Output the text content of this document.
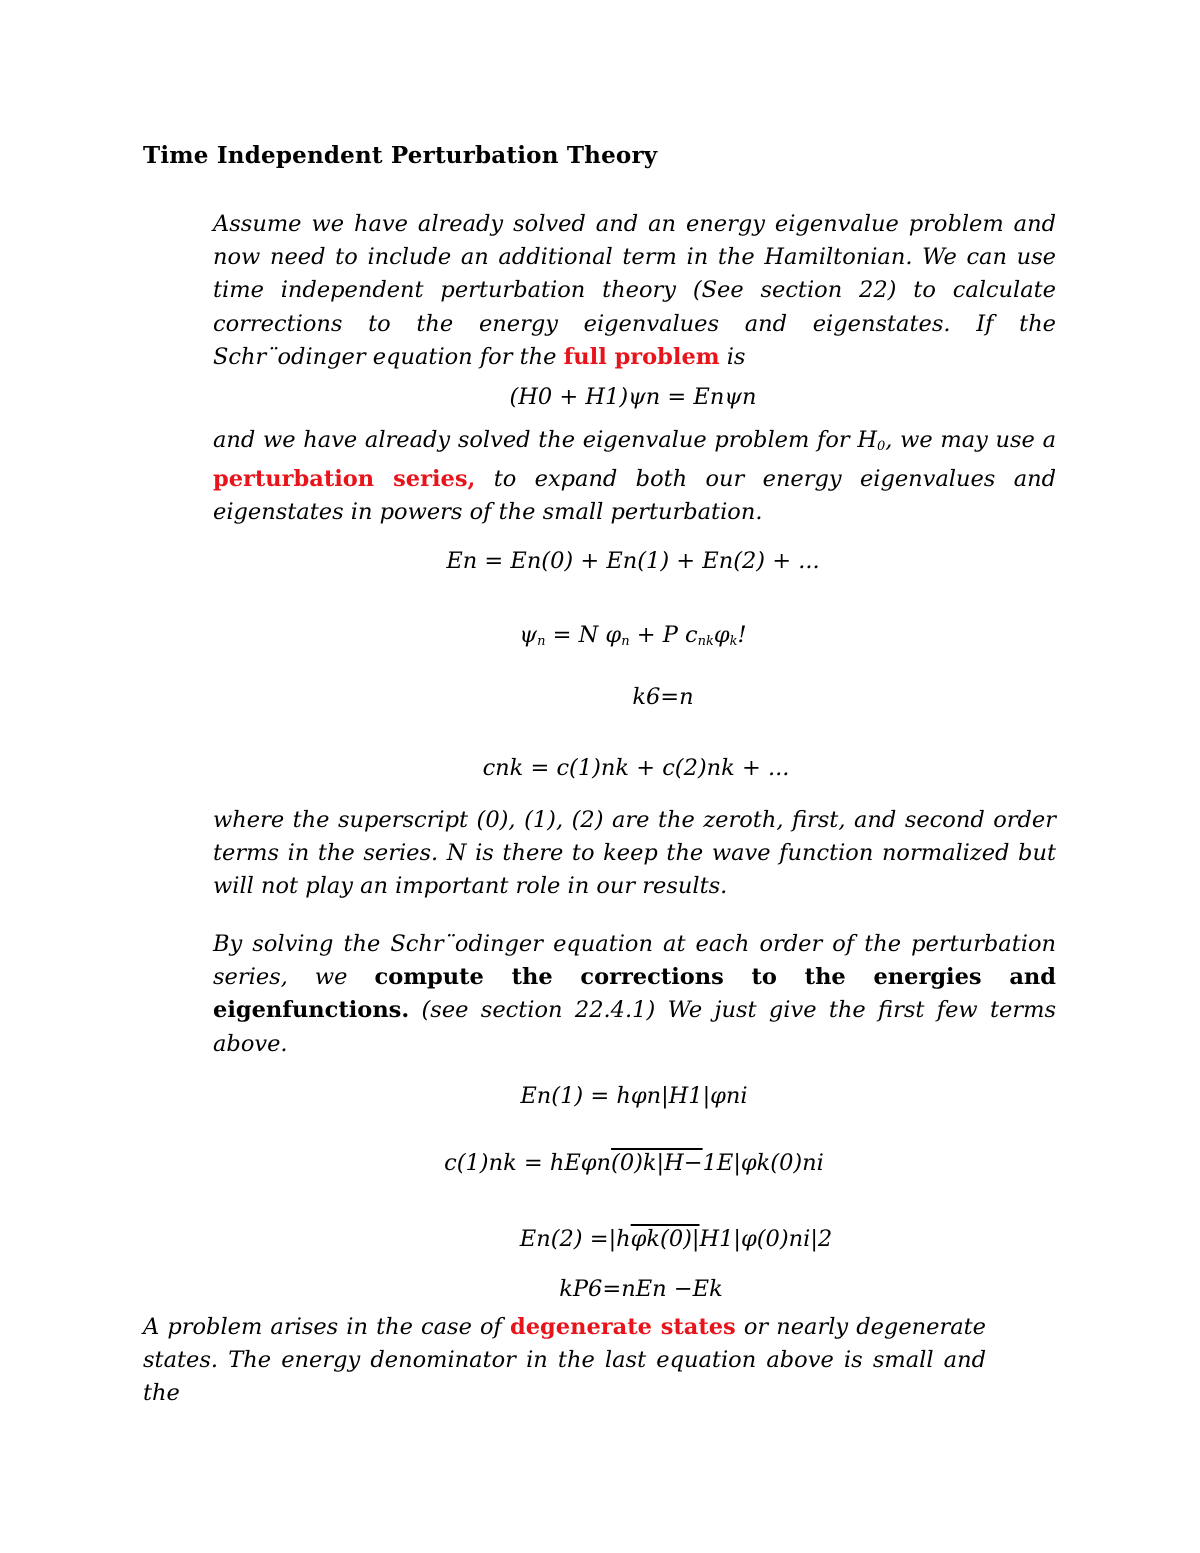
Time Independent Perturbation Theory
Assume we have already solved and an energy eigenvalue problem and now need to include an additional term in the Hamiltonian. We can use time independent perturbation theory (See section 22) to calculate corrections to the energy eigenvalues and eigenstates. If the Schr¨odinger equation for the full problem is
(H0 + H1)ψn = Enψn
and we have already solved the eigenvalue problem for $H_0$, we may use a perturbation series, to expand both our energy eigenvalues and eigenstates in powers of the small perturbation.
En = En(0) + En(1) + En(2) + ...
$\psi_n = N$ $\varphi_n + P$ $c_{nk}\varphi_k$!
k6=n
cnk = c(1)nk + c(2)nk + ...
where the superscript (0), (1), (2) are the zeroth, first, and second order terms in the series. N is there to keep the wave function normalized but will not play an important role in our results.
By solving the Schr¨odinger equation at each order of the perturbation series, we compute the corrections to the energies and eigenfunctions. (see section 22.4.1) We just give the first few terms above.
En(1) = hφn|H1|φni
c(1)nk = hEφn(0)k|H−1E|φk(0)ni
En(2) =|hφk(0)|H1|φ(0)ni|2
kP6=nEn −Ek
A problem arises in the case of degenerate states or nearly degenerate states. The energy denominator in the last equation above is small and the
